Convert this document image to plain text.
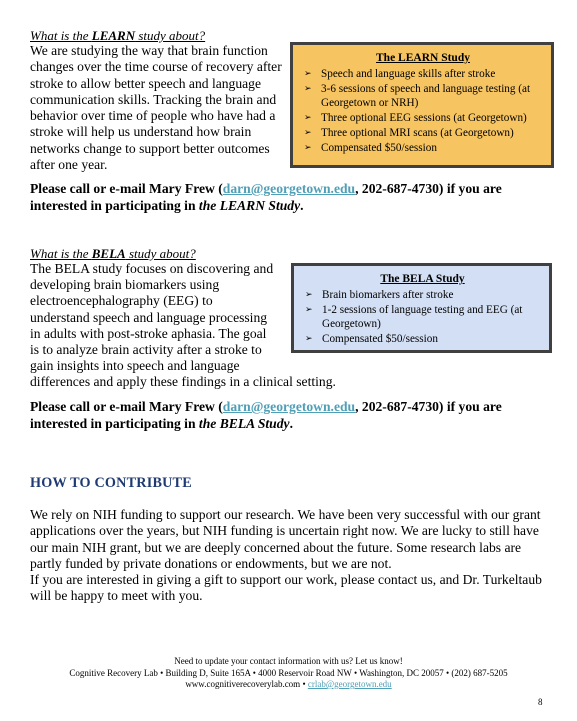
What is the LEARN study about?

We are studying the way that brain function changes over the time course of recovery after stroke to allow better speech and language communication skills. Tracking the brain and behavior over time of people who have had a stroke will help us understand how brain networks change to support better outcomes after one year.

The LEARN Study
➢ Speech and language skills after stroke
➢ 3-6 sessions of speech and language testing (at Georgetown or NRH)
➢ Three optional EEG sessions (at Georgetown)
➢ Three optional MRI scans (at Georgetown)
➢ Compensated $50/session

Please call or e-mail Mary Frew (darn@georgetown.edu, 202-687-4730) if you are interested in participating in the LEARN Study.

What is the BELA study about?
The BELA study focuses on discovering and
developing brain biomarkers using
electroencephalography (EEG) to
understand speech and language processing
in adults with post-stroke aphasia. The goal
is to analyze brain activity after a stroke to
gain insights into speech and language
differences and apply these findings in a clinical setting.
The BELA Study
➢ Brain biomarkers after stroke
➢ 1-2 sessions of language testing and EEG (at Georgetown)
➢ Compensated $50/session

Please call or e-mail Mary Frew (darn@georgetown.edu, 202-687-4730) if you are interested in participating in the BELA Study.

HOW TO CONTRIBUTE

We rely on NIH funding to support our research. We have been very successful with our grant applications over the years, but NIH funding is uncertain right now. We are lucky to still have our main NIH grant, but we are deeply concerned about the future. Some research labs are partly funded by private donations or endowments, but we are not.

If you are interested in giving a gift to support our work, please contact us, and Dr. Turkeltaub will be happy to meet with you.

Need to update your contact information with us? Let us know!
Cognitive Recovery Lab • Building D, Suite 165A • 4000 Reservoir Road NW • Washington, DC 20057 • (202) 687-5205
www.cognitiverecoverylab.com • crlab@georgetown.edu
8
